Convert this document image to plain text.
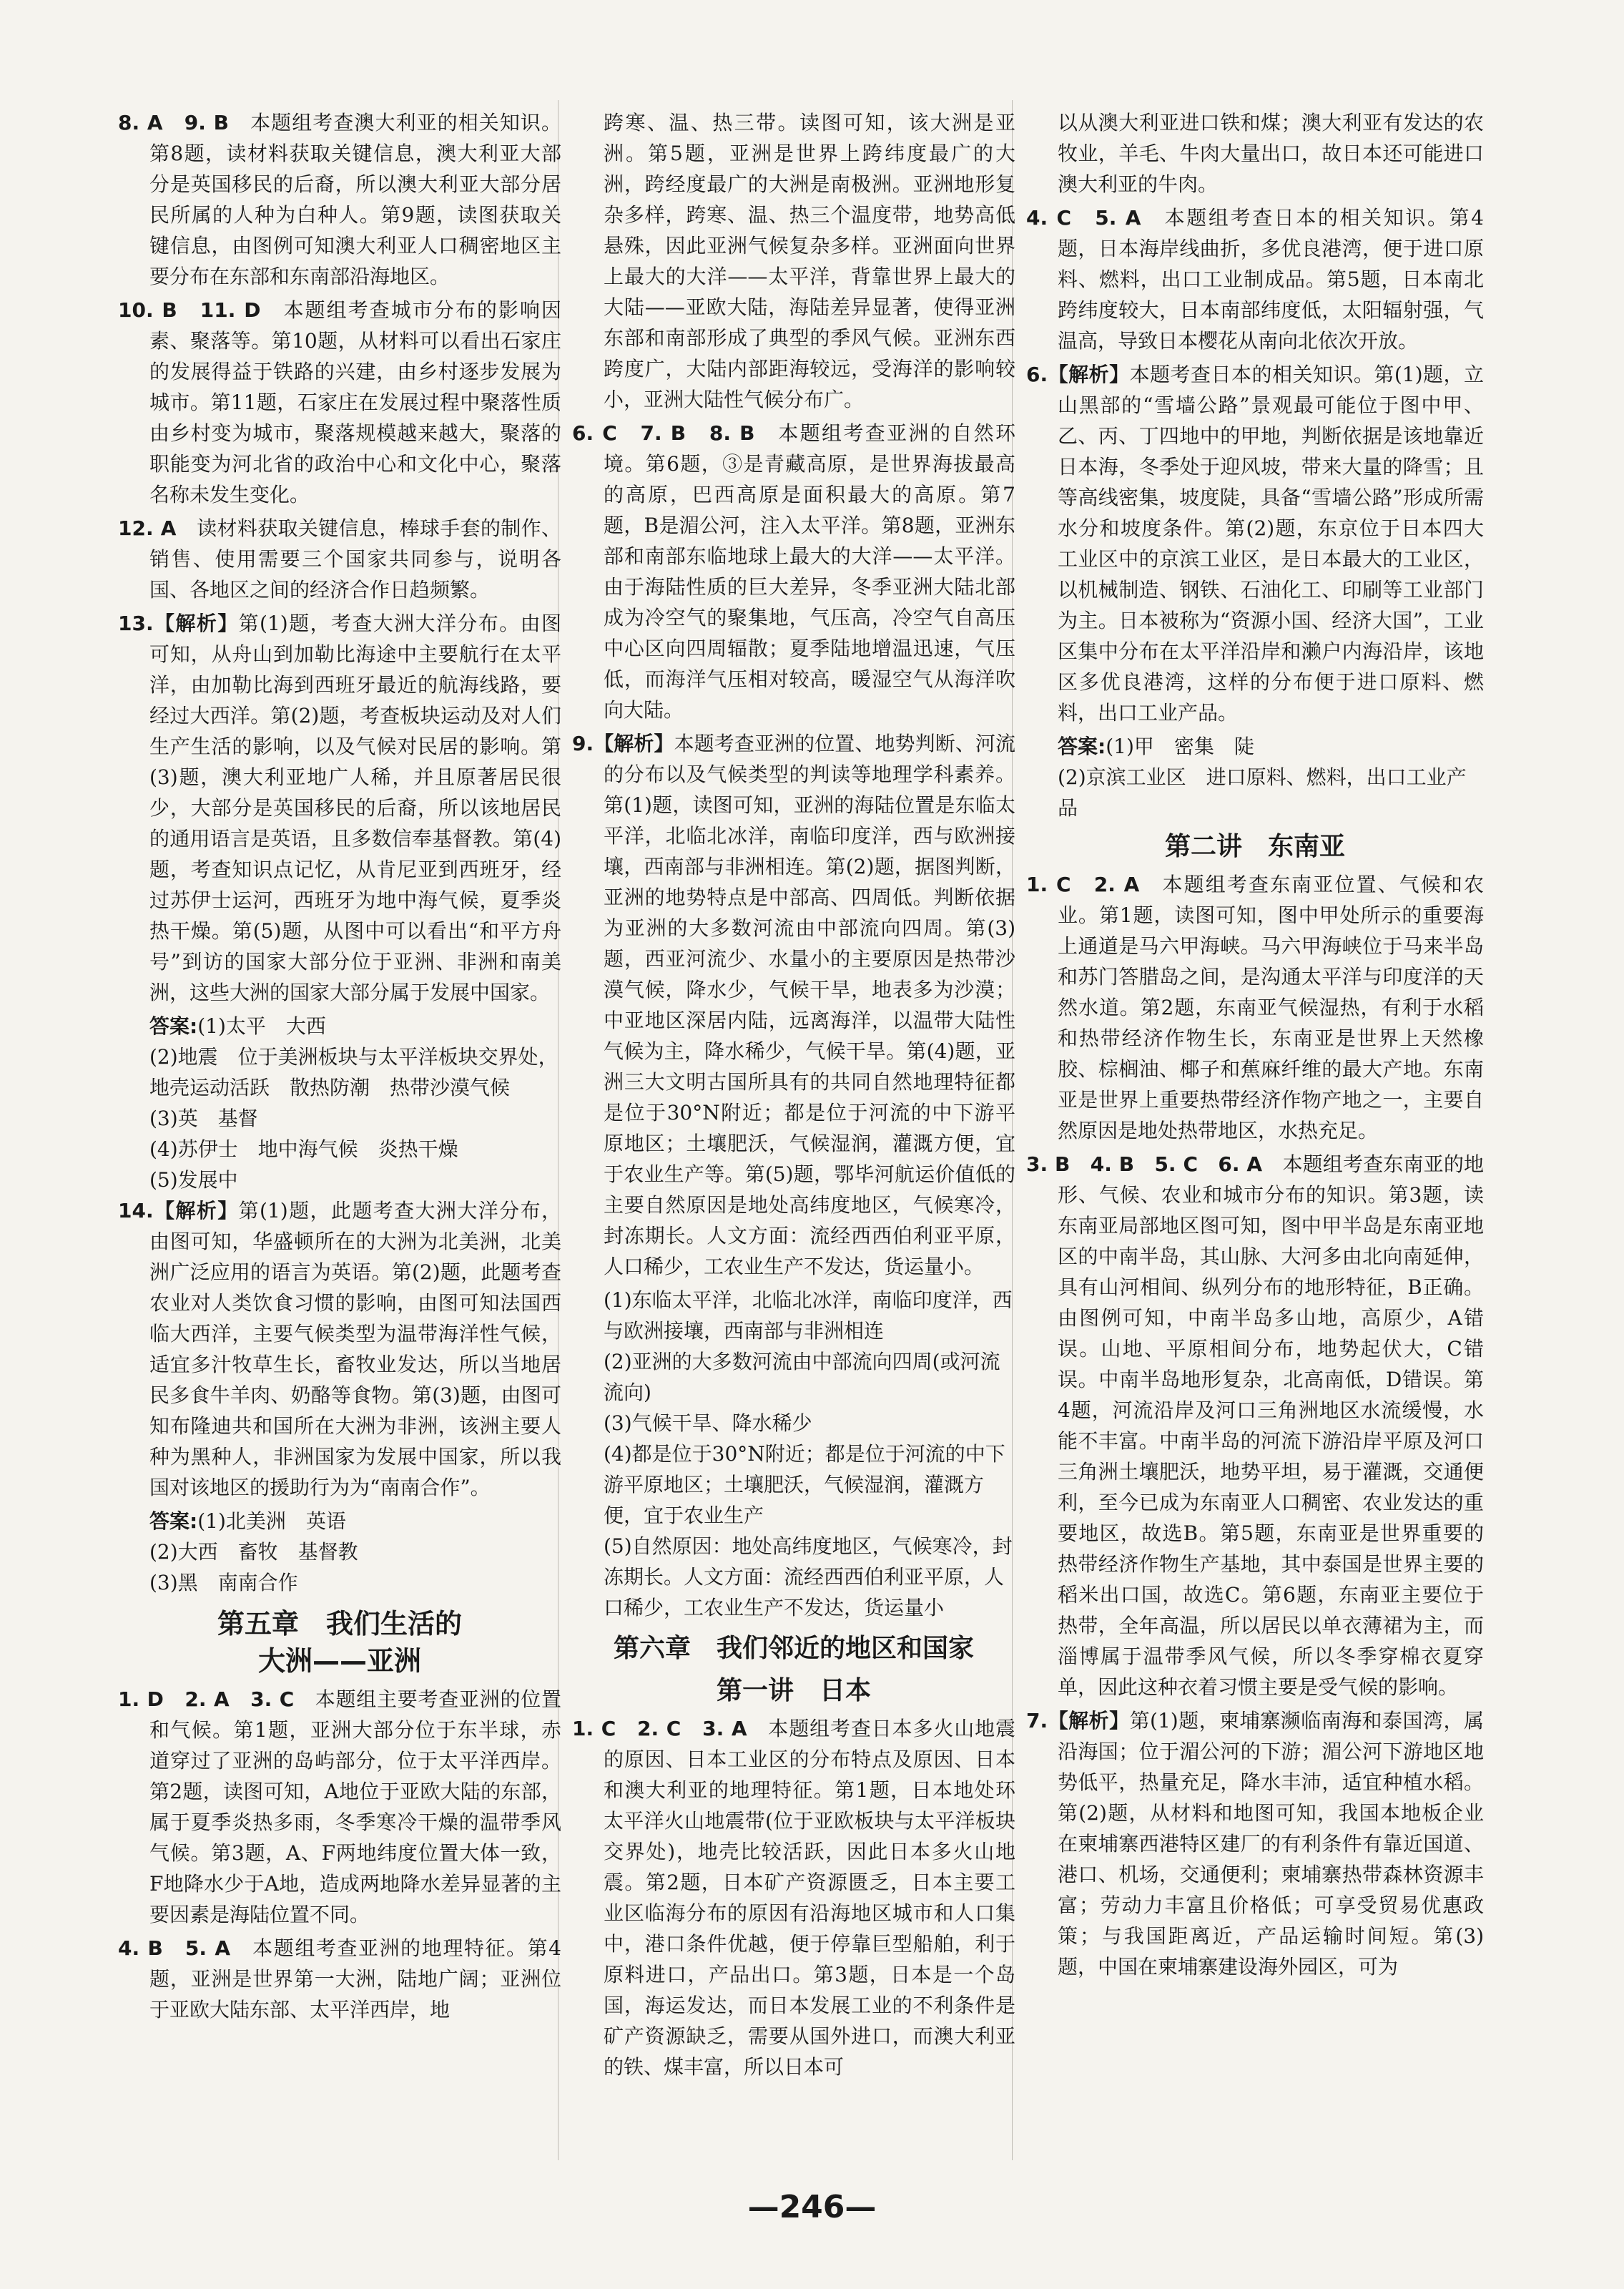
8. A　9. B　本题组考查澳大利亚的相关知识。第8题，读材料获取关键信息，澳大利亚大部分是英国移民的后裔，所以澳大利亚大部分居民所属的人种为白种人。第9题，读图获取关键信息，由图例可知澳大利亚人口稠密地区主要分布在东部和东南部沿海地区。

10. B　11. D　本题组考查城市分布的影响因素、聚落等。第10题，从材料可以看出石家庄的发展得益于铁路的兴建，由乡村逐步发展为城市。第11题，石家庄在发展过程中聚落性质由乡村变为城市，聚落规模越来越大，聚落的职能变为河北省的政治中心和文化中心，聚落名称未发生变化。

12. A　读材料获取关键信息，棒球手套的制作、销售、使用需要三个国家共同参与，说明各国、各地区之间的经济合作日趋频繁。

13.【解析】第(1)题，考查大洲大洋分布。由图可知，从舟山到加勒比海途中主要航行在太平洋，由加勒比海到西班牙最近的航海线路，要经过大西洋。第(2)题，考查板块运动及对人们生产生活的影响，以及气候对民居的影响。第(3)题，澳大利亚地广人稀，并且原著居民很少，大部分是英国移民的后裔，所以该地居民的通用语言是英语，且多数信奉基督教。第(4)题，考查知识点记忆，从肯尼亚到西班牙，经过苏伊士运河，西班牙为地中海气候，夏季炎热干燥。第(5)题，从图中可以看出“和平方舟号”到访的国家大部分位于亚洲、非洲和南美洲，这些大洲的国家大部分属于发展中国家。

答案:(1)太平　大西
(2)地震　位于美洲板块与太平洋板块交界处，地壳运动活跃　散热防潮　热带沙漠气候
(3)英　基督
(4)苏伊士　地中海气候　炎热干燥
(5)发展中

14.【解析】第(1)题，此题考查大洲大洋分布，由图可知，华盛顿所在的大洲为北美洲，北美洲广泛应用的语言为英语。第(2)题，此题考查农业对人类饮食习惯的影响，由图可知法国西临大西洋，主要气候类型为温带海洋性气候，适宜多汁牧草生长，畜牧业发达，所以当地居民多食牛羊肉、奶酪等食物。第(3)题，由图可知布隆迪共和国所在大洲为非洲，该洲主要人种为黑种人，非洲国家为发展中国家，所以我国对该地区的援助行为为“南南合作”。

答案:(1)北美洲　英语
(2)大西　畜牧　基督教
(3)黑　南南合作
第五章　我们生活的
大洲——亚洲

1. D　2. A　3. C　本题组主要考查亚洲的位置和气候。第1题，亚洲大部分位于东半球，赤道穿过了亚洲的岛屿部分，位于太平洋西岸。第2题，读图可知，A地位于亚欧大陆的东部，属于夏季炎热多雨，冬季寒冷干燥的温带季风气候。第3题，A、F两地纬度位置大体一致，F地降水少于A地，造成两地降水差异显著的主要因素是海陆位置不同。

4. B　5. A　本题组考查亚洲的地理特征。第4题，亚洲是世界第一大洲，陆地广阔；亚洲位于亚欧大陆东部、太平洋西岸，地

跨寒、温、热三带。读图可知，该大洲是亚洲。第5题，亚洲是世界上跨纬度最广的大洲，跨经度最广的大洲是南极洲。亚洲地形复杂多样，跨寒、温、热三个温度带，地势高低悬殊，因此亚洲气候复杂多样。亚洲面向世界上最大的大洋——太平洋，背靠世界上最大的大陆——亚欧大陆，海陆差异显著，使得亚洲东部和南部形成了典型的季风气候。亚洲东西跨度广，大陆内部距海较远，受海洋的影响较小，亚洲大陆性气候分布广。

6. C　7. B　8. B　本题组考查亚洲的自然环境。第6题，③是青藏高原，是世界海拔最高的高原，巴西高原是面积最大的高原。第7题，B是湄公河，注入太平洋。第8题，亚洲东部和南部东临地球上最大的大洋——太平洋。由于海陆性质的巨大差异，冬季亚洲大陆北部成为冷空气的聚集地，气压高，冷空气自高压中心区向四周辐散；夏季陆地增温迅速，气压低，而海洋气压相对较高，暖湿空气从海洋吹向大陆。

9.【解析】本题考查亚洲的位置、地势判断、河流的分布以及气候类型的判读等地理学科素养。第(1)题，读图可知，亚洲的海陆位置是东临太平洋，北临北冰洋，南临印度洋，西与欧洲接壤，西南部与非洲相连。第(2)题，据图判断，亚洲的地势特点是中部高、四周低。判断依据为亚洲的大多数河流由中部流向四周。第(3)题，西亚河流少、水量小的主要原因是热带沙漠气候，降水少，气候干旱，地表多为沙漠；中亚地区深居内陆，远离海洋，以温带大陆性气候为主，降水稀少，气候干旱。第(4)题，亚洲三大文明古国所具有的共同自然地理特征都是位于30°N附近；都是位于河流的中下游平原地区；土壤肥沃，气候湿润，灌溉方便，宜于农业生产等。第(5)题，鄂毕河航运价值低的主要自然原因是地处高纬度地区，气候寒冷，封冻期长。人文方面：流经西西伯利亚平原，人口稀少，工农业生产不发达，货运量小。

(1)东临太平洋，北临北冰洋，南临印度洋，西与欧洲接壤，西南部与非洲相连
(2)亚洲的大多数河流由中部流向四周(或河流流向)
(3)气候干旱、降水稀少
(4)都是位于30°N附近；都是位于河流的中下游平原地区；土壤肥沃，气候湿润，灌溉方便，宜于农业生产
(5)自然原因：地处高纬度地区，气候寒冷，封冻期长。人文方面：流经西西伯利亚平原，人口稀少，工农业生产不发达，货运量小
第六章　我们邻近的地区和国家
第一讲　日本

1. C　2. C　3. A　本题组考查日本多火山地震的原因、日本工业区的分布特点及原因、日本和澳大利亚的地理特征。第1题，日本地处环太平洋火山地震带(位于亚欧板块与太平洋板块交界处)，地壳比较活跃，因此日本多火山地震。第2题，日本矿产资源匮乏，日本主要工业区临海分布的原因有沿海地区城市和人口集中，港口条件优越，便于停靠巨型船舶，利于原料进口，产品出口。第3题，日本是一个岛国，海运发达，而日本发展工业的不利条件是矿产资源缺乏，需要从国外进口，而澳大利亚的铁、煤丰富，所以日本可

以从澳大利亚进口铁和煤；澳大利亚有发达的农牧业，羊毛、牛肉大量出口，故日本还可能进口澳大利亚的牛肉。

4. C　5. A　本题组考查日本的相关知识。第4题，日本海岸线曲折，多优良港湾，便于进口原料、燃料，出口工业制成品。第5题，日本南北跨纬度较大，日本南部纬度低，太阳辐射强，气温高，导致日本樱花从南向北依次开放。

6.【解析】本题考查日本的相关知识。第(1)题，立山黑部的“雪墙公路”景观最可能位于图中甲、乙、丙、丁四地中的甲地，判断依据是该地靠近日本海，冬季处于迎风坡，带来大量的降雪；且等高线密集，坡度陡，具备“雪墙公路”形成所需水分和坡度条件。第(2)题，东京位于日本四大工业区中的京滨工业区，是日本最大的工业区，以机械制造、钢铁、石油化工、印刷等工业部门为主。日本被称为“资源小国、经济大国”，工业区集中分布在太平洋沿岸和濑户内海沿岸，该地区多优良港湾，这样的分布便于进口原料、燃料，出口工业产品。

答案:(1)甲　密集　陡
(2)京滨工业区　进口原料、燃料，出口工业产品
第二讲　东南亚

1. C　2. A　本题组考查东南亚位置、气候和农业。第1题，读图可知，图中甲处所示的重要海上通道是马六甲海峡。马六甲海峡位于马来半岛和苏门答腊岛之间，是沟通太平洋与印度洋的天然水道。第2题，东南亚气候湿热，有利于水稻和热带经济作物生长，东南亚是世界上天然橡胶、棕榈油、椰子和蕉麻纤维的最大产地。东南亚是世界上重要热带经济作物产地之一，主要自然原因是地处热带地区，水热充足。

3. B　4. B　5. C　6. A　本题组考查东南亚的地形、气候、农业和城市分布的知识。第3题，读东南亚局部地区图可知，图中甲半岛是东南亚地区的中南半岛，其山脉、大河多由北向南延伸，具有山河相间、纵列分布的地形特征，B正确。由图例可知，中南半岛多山地，高原少，A错误。山地、平原相间分布，地势起伏大，C错误。中南半岛地形复杂，北高南低，D错误。第4题，河流沿岸及河口三角洲地区水流缓慢，水能不丰富。中南半岛的河流下游沿岸平原及河口三角洲土壤肥沃，地势平坦，易于灌溉，交通便利，至今已成为东南亚人口稠密、农业发达的重要地区，故选B。第5题，东南亚是世界重要的热带经济作物生产基地，其中泰国是世界主要的稻米出口国，故选C。第6题，东南亚主要位于热带，全年高温，所以居民以单衣薄裙为主，而淄博属于温带季风气候，所以冬季穿棉衣夏穿单，因此这种衣着习惯主要是受气候的影响。

7.【解析】第(1)题，柬埔寨濒临南海和泰国湾，属沿海国；位于湄公河的下游；湄公河下游地区地势低平，热量充足，降水丰沛，适宜种植水稻。第(2)题，从材料和地图可知，我国本地板企业在柬埔寨西港特区建厂的有利条件有靠近国道、港口、机场，交通便利；柬埔寨热带森林资源丰富；劳动力丰富且价格低；可享受贸易优惠政策；与我国距离近，产品运输时间短。第(3)题，中国在柬埔寨建设海外园区，可为

—246—
